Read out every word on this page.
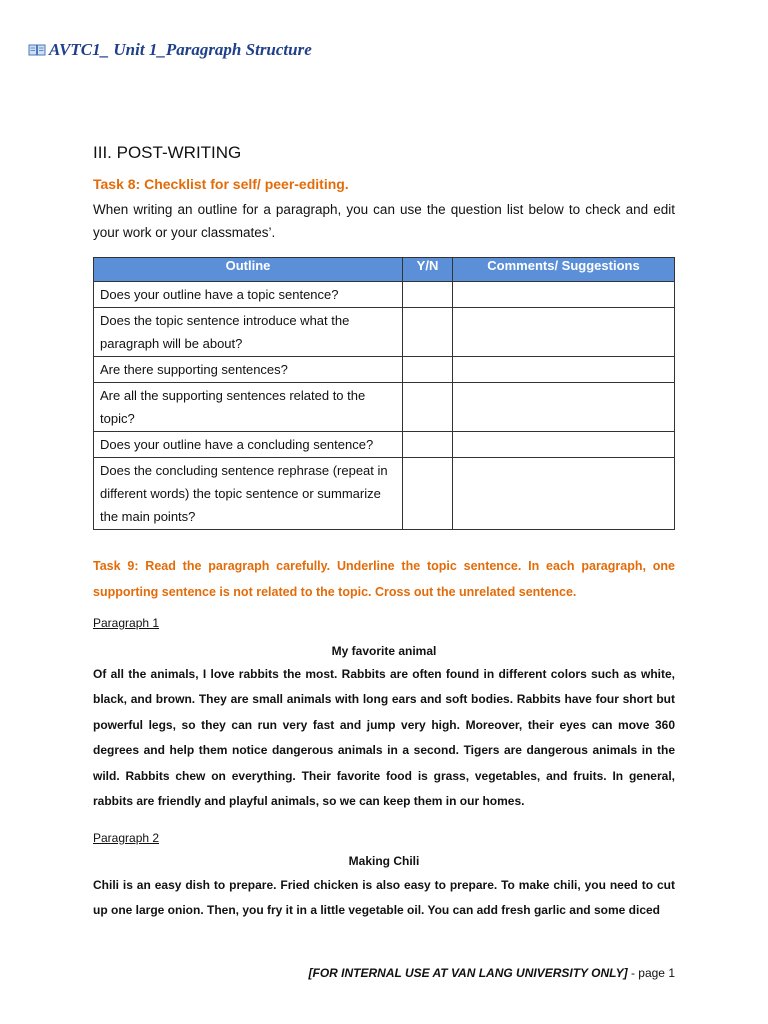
AVTC1_ Unit 1_Paragraph Structure
III. POST-WRITING
Task 8: Checklist for self/ peer-editing.
When writing an outline for a paragraph, you can use the question list below to check and edit your work or your classmates’.
Outline	Y/N	Comments/ Suggestions
Does your outline have a topic sentence?		
Does the topic sentence introduce what the paragraph will be about?		
Are there supporting sentences?		
Are all the supporting sentences related to the topic?		
Does your outline have a concluding sentence?		
Does the concluding sentence rephrase (repeat in different words) the topic sentence or summarize the main points?		
Task 9: Read the paragraph carefully. Underline the topic sentence. In each paragraph, one supporting sentence is not related to the topic. Cross out the unrelated sentence.
Paragraph 1
My favorite animal
Of all the animals, I love rabbits the most. Rabbits are often found in different colors such as white, black, and brown. They are small animals with long ears and soft bodies. Rabbits have four short but powerful legs, so they can run very fast and jump very high. Moreover, their eyes can move 360 degrees and help them notice dangerous animals in a second. Tigers are dangerous animals in the wild. Rabbits chew on everything. Their favorite food is grass, vegetables, and fruits. In general, rabbits are friendly and playful animals, so we can keep them in our homes.
Paragraph 2
Making Chili
Chili is an easy dish to prepare. Fried chicken is also easy to prepare. To make chili, you need to cut up one large onion. Then, you fry it in a little vegetable oil. You can add fresh garlic and some diced
[FOR INTERNAL USE AT VAN LANG UNIVERSITY ONLY] - page 1
